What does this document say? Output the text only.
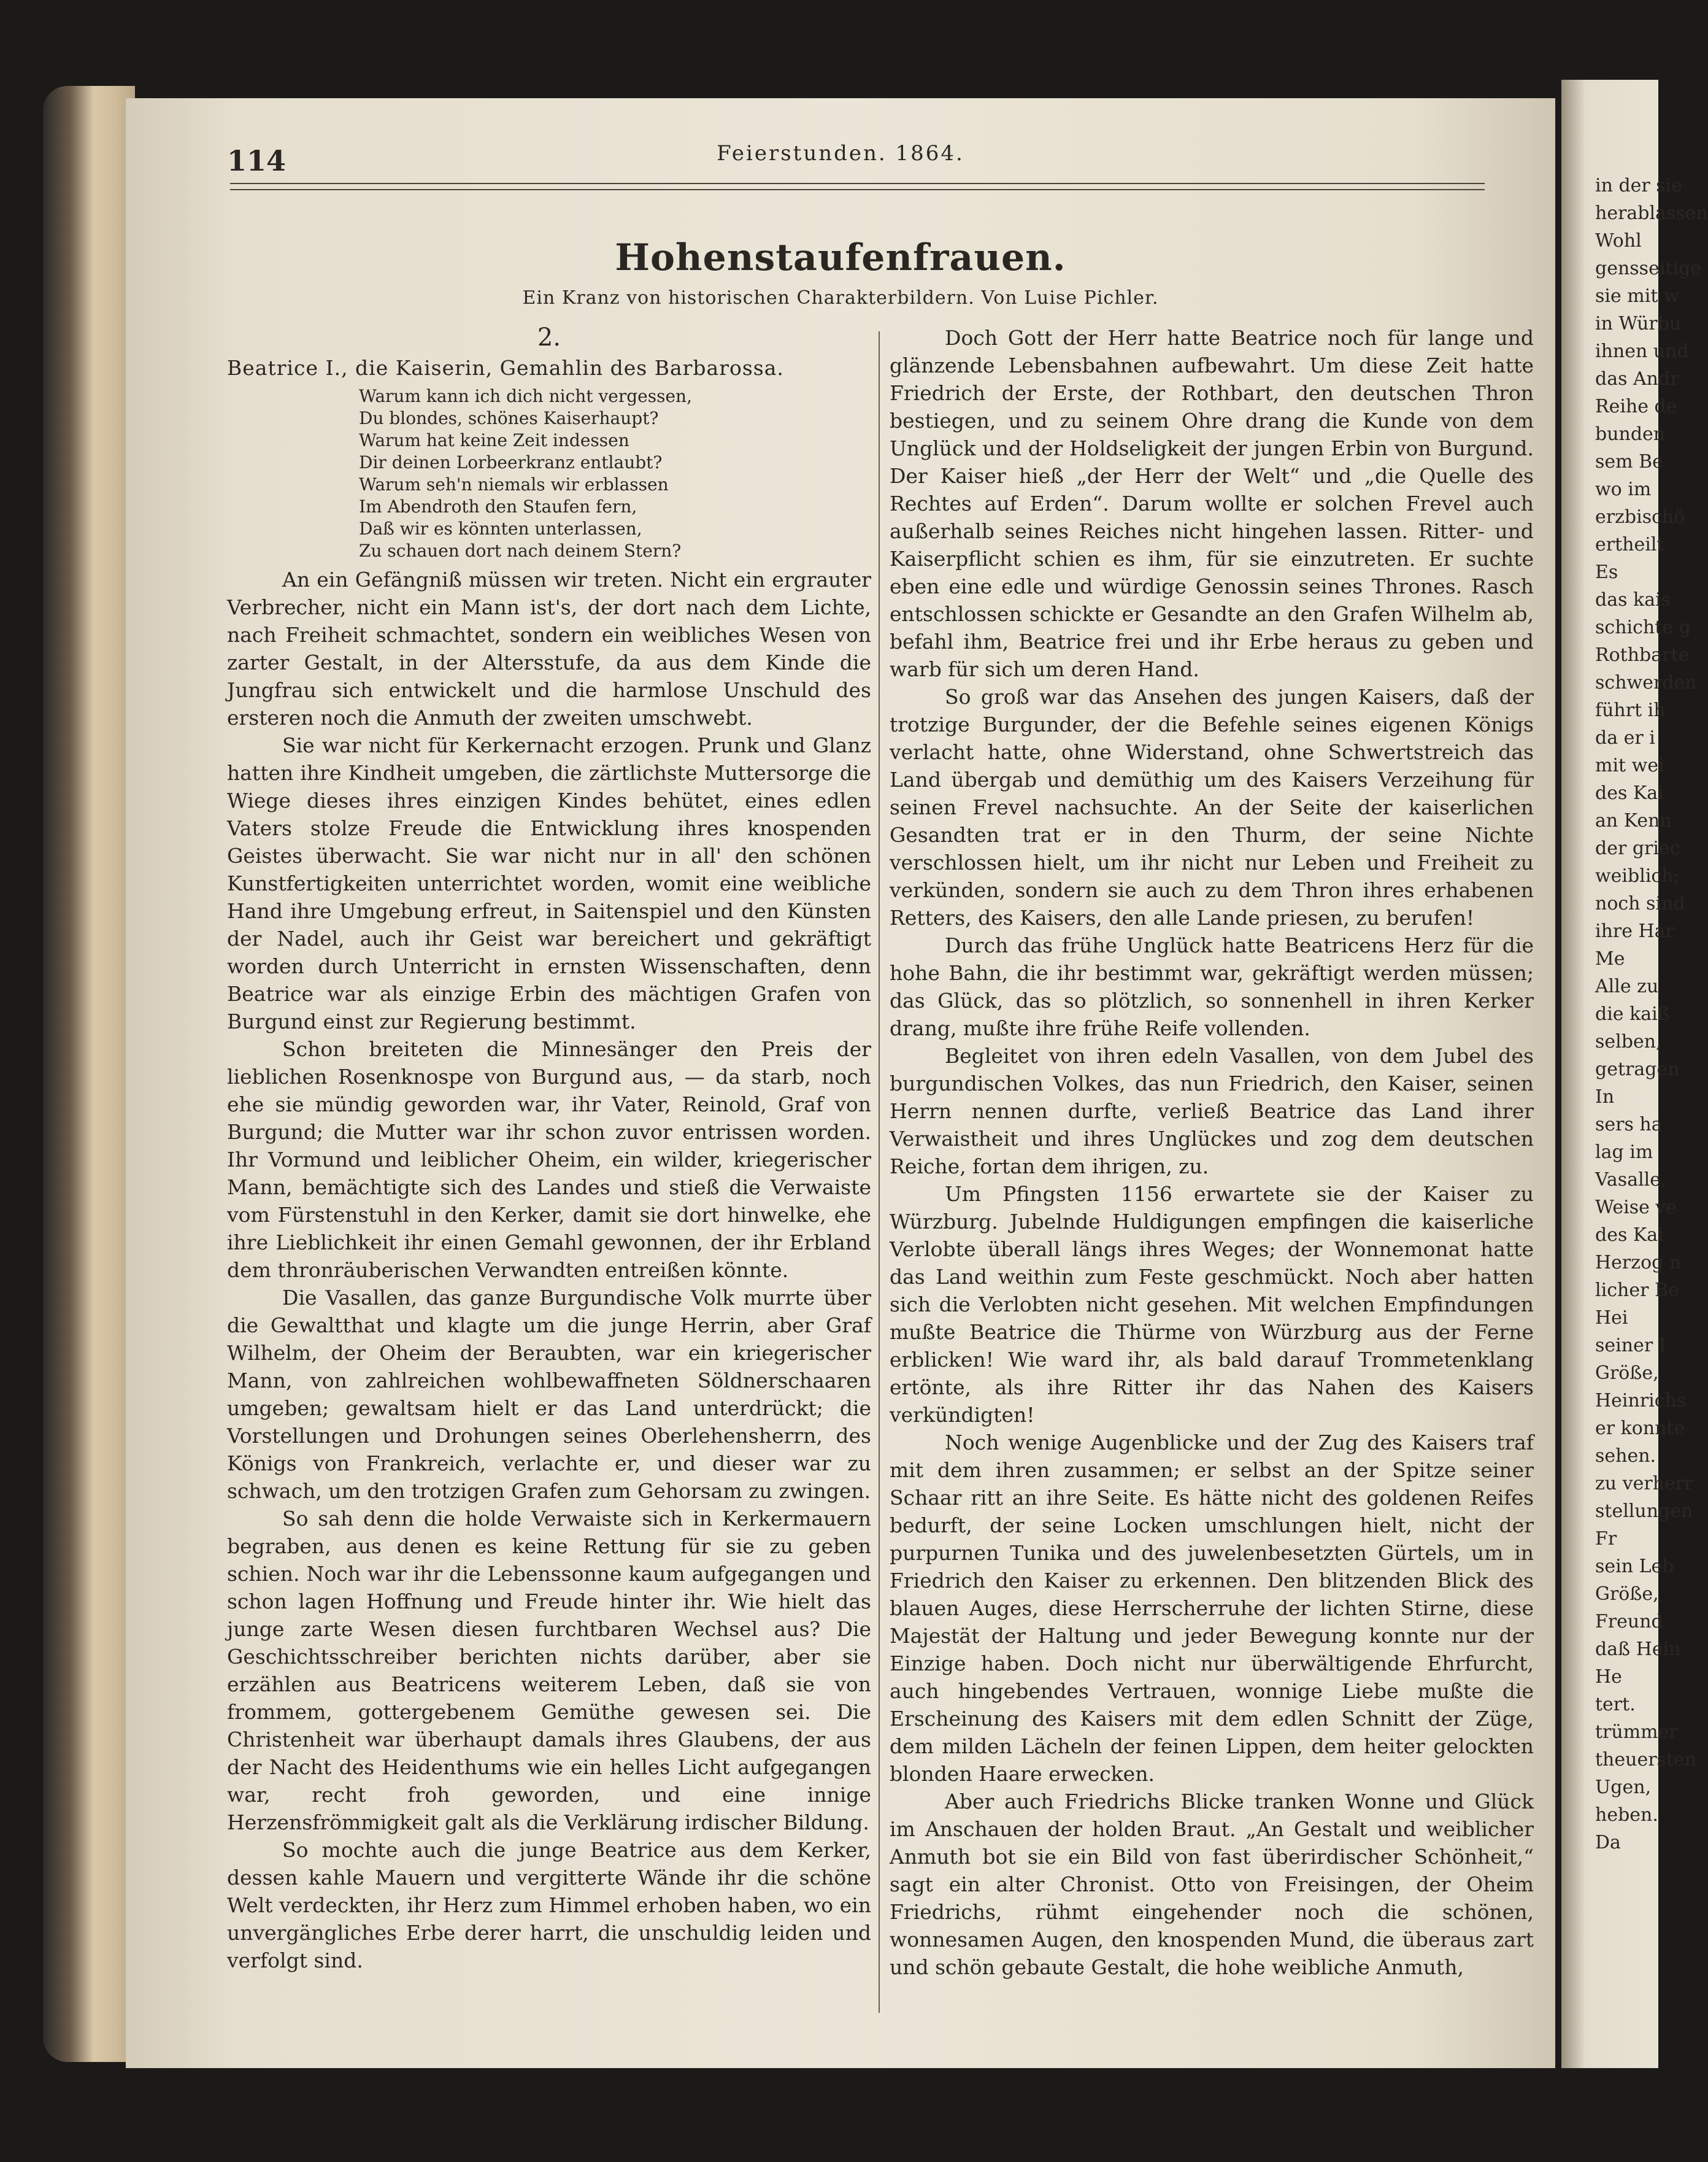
114	Feierstunden. 1864.
Hohenstaufenfrauen.
Ein Kranz von historischen Charakterbildern. Von Luise Pichler.
2.
Beatrice I., die Kaiserin, Gemahlin des Barbarossa.
Warum kann ich dich nicht vergessen,
Du blondes, schönes Kaiserhaupt?
Warum hat keine Zeit indessen
Dir deinen Lorbeerkranz entlaubt?
Warum seh'n niemals wir erblassen
Im Abendroth den Staufen fern,
Daß wir es könnten unterlassen,
Zu schauen dort nach deinem Stern?

An ein Gefängniß müssen wir treten. Nicht ein ergrauter Verbrecher, nicht ein Mann ist's, der dort nach dem Lichte, nach Freiheit schmachtet, sondern ein weibliches Wesen von zarter Gestalt, in der Altersstufe, da aus dem Kinde die Jungfrau sich entwickelt und die harmlose Unschuld des ersteren noch die Anmuth der zweiten umschwebt.

Sie war nicht für Kerkernacht erzogen. Prunk und Glanz hatten ihre Kindheit umgeben, die zärtlichste Muttersorge die Wiege dieses ihres einzigen Kindes behütet, eines edlen Vaters stolze Freude die Entwicklung ihres knospenden Geistes überwacht. Sie war nicht nur in all' den schönen Kunstfertigkeiten unterrichtet worden, womit eine weibliche Hand ihre Umgebung erfreut, in Saitenspiel und den Künsten der Nadel, auch ihr Geist war bereichert und gekräftigt worden durch Unterricht in ernsten Wissenschaften, denn Beatrice war als einzige Erbin des mächtigen Grafen von Burgund einst zur Regierung bestimmt.

Schon breiteten die Minnesänger den Preis der lieblichen Rosenknospe von Burgund aus, — da starb, noch ehe sie mündig geworden war, ihr Vater, Reinold, Graf von Burgund; die Mutter war ihr schon zuvor entrissen worden. Ihr Vormund und leiblicher Oheim, ein wilder, kriegerischer Mann, bemächtigte sich des Landes und stieß die Verwaiste vom Fürstenstuhl in den Kerker, damit sie dort hinwelke, ehe ihre Lieblichkeit ihr einen Gemahl gewonnen, der ihr Erbland dem thronräuberischen Verwandten entreißen könnte.

Die Vasallen, das ganze Burgundische Volk murrte über die Gewaltthat und klagte um die junge Herrin, aber Graf Wilhelm, der Oheim der Beraubten, war ein kriegerischer Mann, von zahlreichen wohlbewaffneten Söldnerschaaren umgeben; gewaltsam hielt er das Land unterdrückt; die Vorstellungen und Drohungen seines Oberlehensherrn, des Königs von Frankreich, verlachte er, und dieser war zu schwach, um den trotzigen Grafen zum Gehorsam zu zwingen.

So sah denn die holde Verwaiste sich in Kerkermauern begraben, aus denen es keine Rettung für sie zu geben schien. Noch war ihr die Lebenssonne kaum aufgegangen und schon lagen Hoffnung und Freude hinter ihr. Wie hielt das junge zarte Wesen diesen furchtbaren Wechsel aus? Die Geschichtsschreiber berichten nichts darüber, aber sie erzählen aus Beatricens weiterem Leben, daß sie von frommem, gottergebenem Gemüthe gewesen sei. Die Christenheit war überhaupt damals ihres Glaubens, der aus der Nacht des Heidenthums wie ein helles Licht aufgegangen war, recht froh geworden, und eine innige Herzensfrömmigkeit galt als die Verklärung irdischer Bildung.

So mochte auch die junge Beatrice aus dem Kerker, dessen kahle Mauern und vergitterte Wände ihr die schöne Welt verdeckten, ihr Herz zum Himmel erhoben haben, wo ein unvergängliches Erbe derer harrt, die unschuldig leiden und verfolgt sind.

Doch Gott der Herr hatte Beatrice noch für lange und glänzende Lebensbahnen aufbewahrt. Um diese Zeit hatte Friedrich der Erste, der Rothbart, den deutschen Thron bestiegen, und zu seinem Ohre drang die Kunde von dem Unglück und der Holdseligkeit der jungen Erbin von Burgund. Der Kaiser hieß „der Herr der Welt“ und „die Quelle des Rechtes auf Erden“. Darum wollte er solchen Frevel auch außerhalb seines Reiches nicht hingehen lassen. Ritter- und Kaiserpflicht schien es ihm, für sie einzutreten. Er suchte eben eine edle und würdige Genossin seines Thrones. Rasch entschlossen schickte er Gesandte an den Grafen Wilhelm ab, befahl ihm, Beatrice frei und ihr Erbe heraus zu geben und warb für sich um deren Hand.

So groß war das Ansehen des jungen Kaisers, daß der trotzige Burgunder, der die Befehle seines eigenen Königs verlacht hatte, ohne Widerstand, ohne Schwertstreich das Land übergab und demüthig um des Kaisers Verzeihung für seinen Frevel nachsuchte. An der Seite der kaiserlichen Gesandten trat er in den Thurm, der seine Nichte verschlossen hielt, um ihr nicht nur Leben und Freiheit zu verkünden, sondern sie auch zu dem Thron ihres erhabenen Retters, des Kaisers, den alle Lande priesen, zu berufen!

Durch das frühe Unglück hatte Beatricens Herz für die hohe Bahn, die ihr bestimmt war, gekräftigt werden müssen; das Glück, das so plötzlich, so sonnenhell in ihren Kerker drang, mußte ihre frühe Reife vollenden.

Begleitet von ihren edeln Vasallen, von dem Jubel des burgundischen Volkes, das nun Friedrich, den Kaiser, seinen Herrn nennen durfte, verließ Beatrice das Land ihrer Verwaistheit und ihres Unglückes und zog dem deutschen Reiche, fortan dem ihrigen, zu.

Um Pfingsten 1156 erwartete sie der Kaiser zu Würzburg. Jubelnde Huldigungen empfingen die kaiserliche Verlobte überall längs ihres Weges; der Wonnemonat hatte das Land weithin zum Feste geschmückt. Noch aber hatten sich die Verlobten nicht gesehen. Mit welchen Empfindungen mußte Beatrice die Thürme von Würzburg aus der Ferne erblicken! Wie ward ihr, als bald darauf Trommetenklang ertönte, als ihre Ritter ihr das Nahen des Kaisers verkündigten!

Noch wenige Augenblicke und der Zug des Kaisers traf mit dem ihren zusammen; er selbst an der Spitze seiner Schaar ritt an ihre Seite. Es hätte nicht des goldenen Reifes bedurft, der seine Locken umschlungen hielt, nicht der purpurnen Tunika und des juwelenbesetzten Gürtels, um in Friedrich den Kaiser zu erkennen. Den blitzenden Blick des blauen Auges, diese Herrscherruhe der lichten Stirne, diese Majestät der Haltung und jeder Bewegung konnte nur der Einzige haben. Doch nicht nur überwältigende Ehrfurcht, auch hingebendes Vertrauen, wonnige Liebe mußte die Erscheinung des Kaisers mit dem edlen Schnitt der Züge, dem milden Lächeln der feinen Lippen, dem heiter gelockten blonden Haare erwecken.

Aber auch Friedrichs Blicke tranken Wonne und Glück im Anschauen der holden Braut. „An Gestalt und weiblicher Anmuth bot sie ein Bild von fast überirdischer Schönheit,“ sagt ein alter Chronist. Otto von Freisingen, der Oheim Friedrichs, rühmt eingehender noch die schönen, wonnesamen Augen, den knospenden Mund, die überaus zart und schön gebaute Gestalt, die hohe weibliche Anmuth,

in der sie
herablassen
Wohl
gensseitige
sie mit w
in Würbu
ihnen und
das Andr
Reihe de
bunden
sem Be
wo im
erzbischö
ertheilt
Es
das kais
schichte g
Rothbarte
schwerden
führt ih
da er i
mit wei
des Kai
an Kenn
der griec
weiblich;
noch sind
ihre Har
Me
Alle zu
die kaiß
selben,
getragen
In
sers ha
lag im
Vasalle,
Weise ve
des Kai
Herzog n
licher Be
Hei
seiner I
Größe,
Heinrichs
er konnte
sehen.
zu verherr
stellungen
Fr
sein Leb
Größe,
Freund
daß Hein
He
tert.
trümmer
theuersten
Ugen,
heben.
Da
